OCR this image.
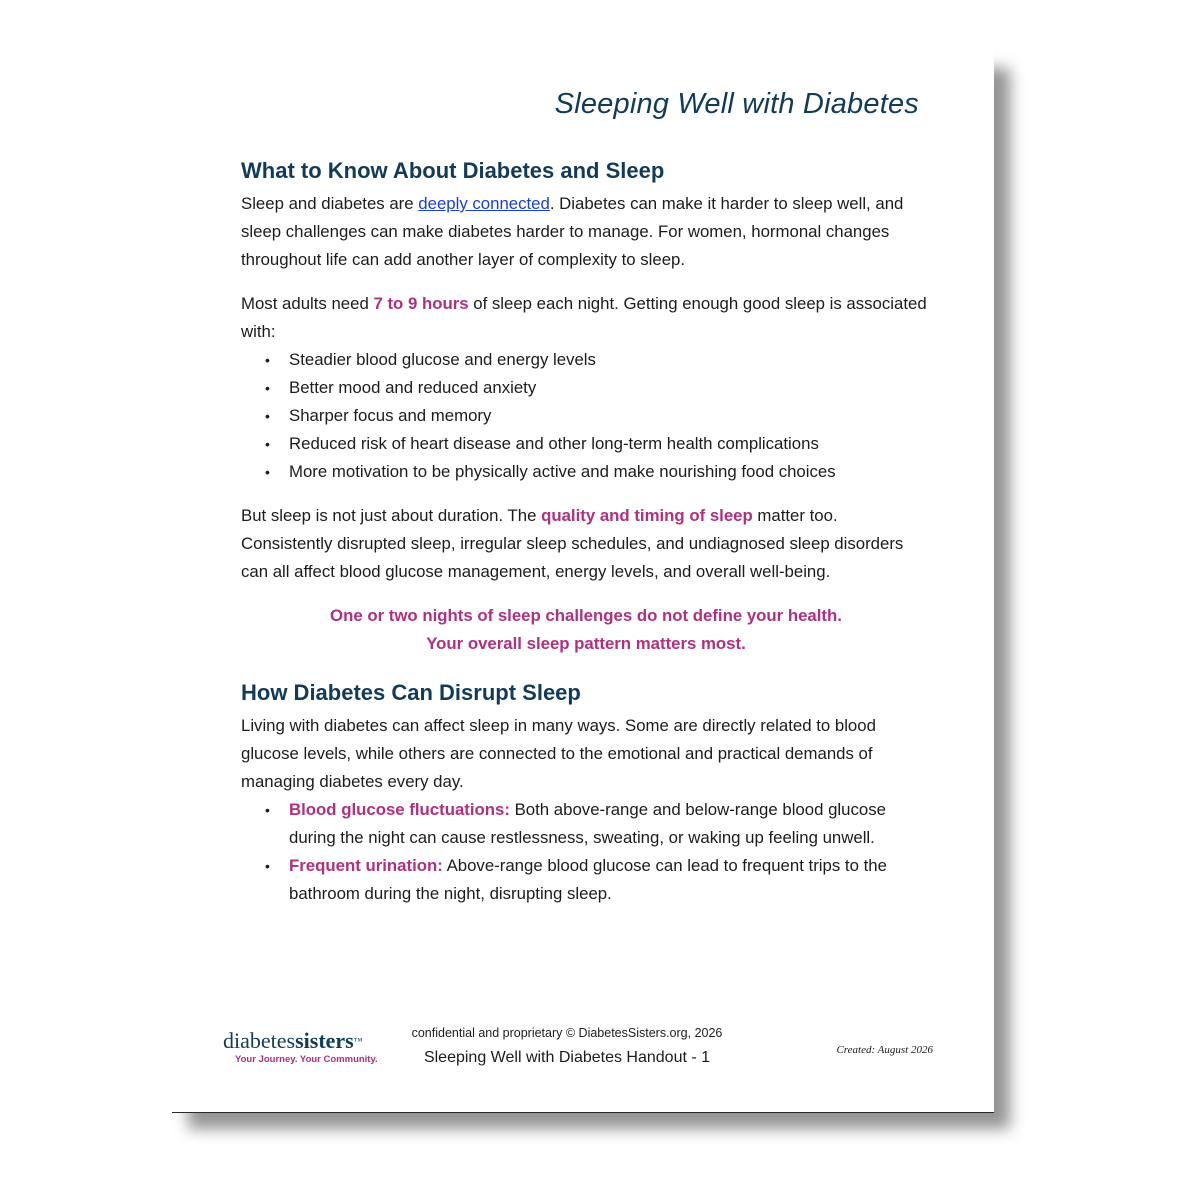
Sleeping Well with Diabetes
What to Know About Diabetes and Sleep

Sleep and diabetes are deeply connected. Diabetes can make it harder to sleep well, and sleep challenges can make diabetes harder to manage. For women, hormonal changes throughout life can add another layer of complexity to sleep.

Most adults need 7 to 9 hours of sleep each night. Getting enough good sleep is associated with:

• Steadier blood glucose and energy levels
• Better mood and reduced anxiety
• Sharper focus and memory
• Reduced risk of heart disease and other long-term health complications
• More motivation to be physically active and make nourishing food choices

But sleep is not just about duration. The quality and timing of sleep matter too. Consistently disrupted sleep, irregular sleep schedules, and undiagnosed sleep disorders can all affect blood glucose management, energy levels, and overall well-being.

One or two nights of sleep challenges do not define your health.
Your overall sleep pattern matters most.
How Diabetes Can Disrupt Sleep

Living with diabetes can affect sleep in many ways. Some are directly related to blood glucose levels, while others are connected to the emotional and practical demands of managing diabetes every day.

• Blood glucose fluctuations: Both above-range and below-range blood glucose during the night can cause restlessness, sweating, or waking up feeling unwell.
• Frequent urination: Above-range blood glucose can lead to frequent trips to the bathroom during the night, disrupting sleep.
diabetessisters™
Your Journey. Your Community.
confidential and proprietary © DiabetesSisters.org, 2026
Sleeping Well with Diabetes Handout - 1	Created: August 2026
